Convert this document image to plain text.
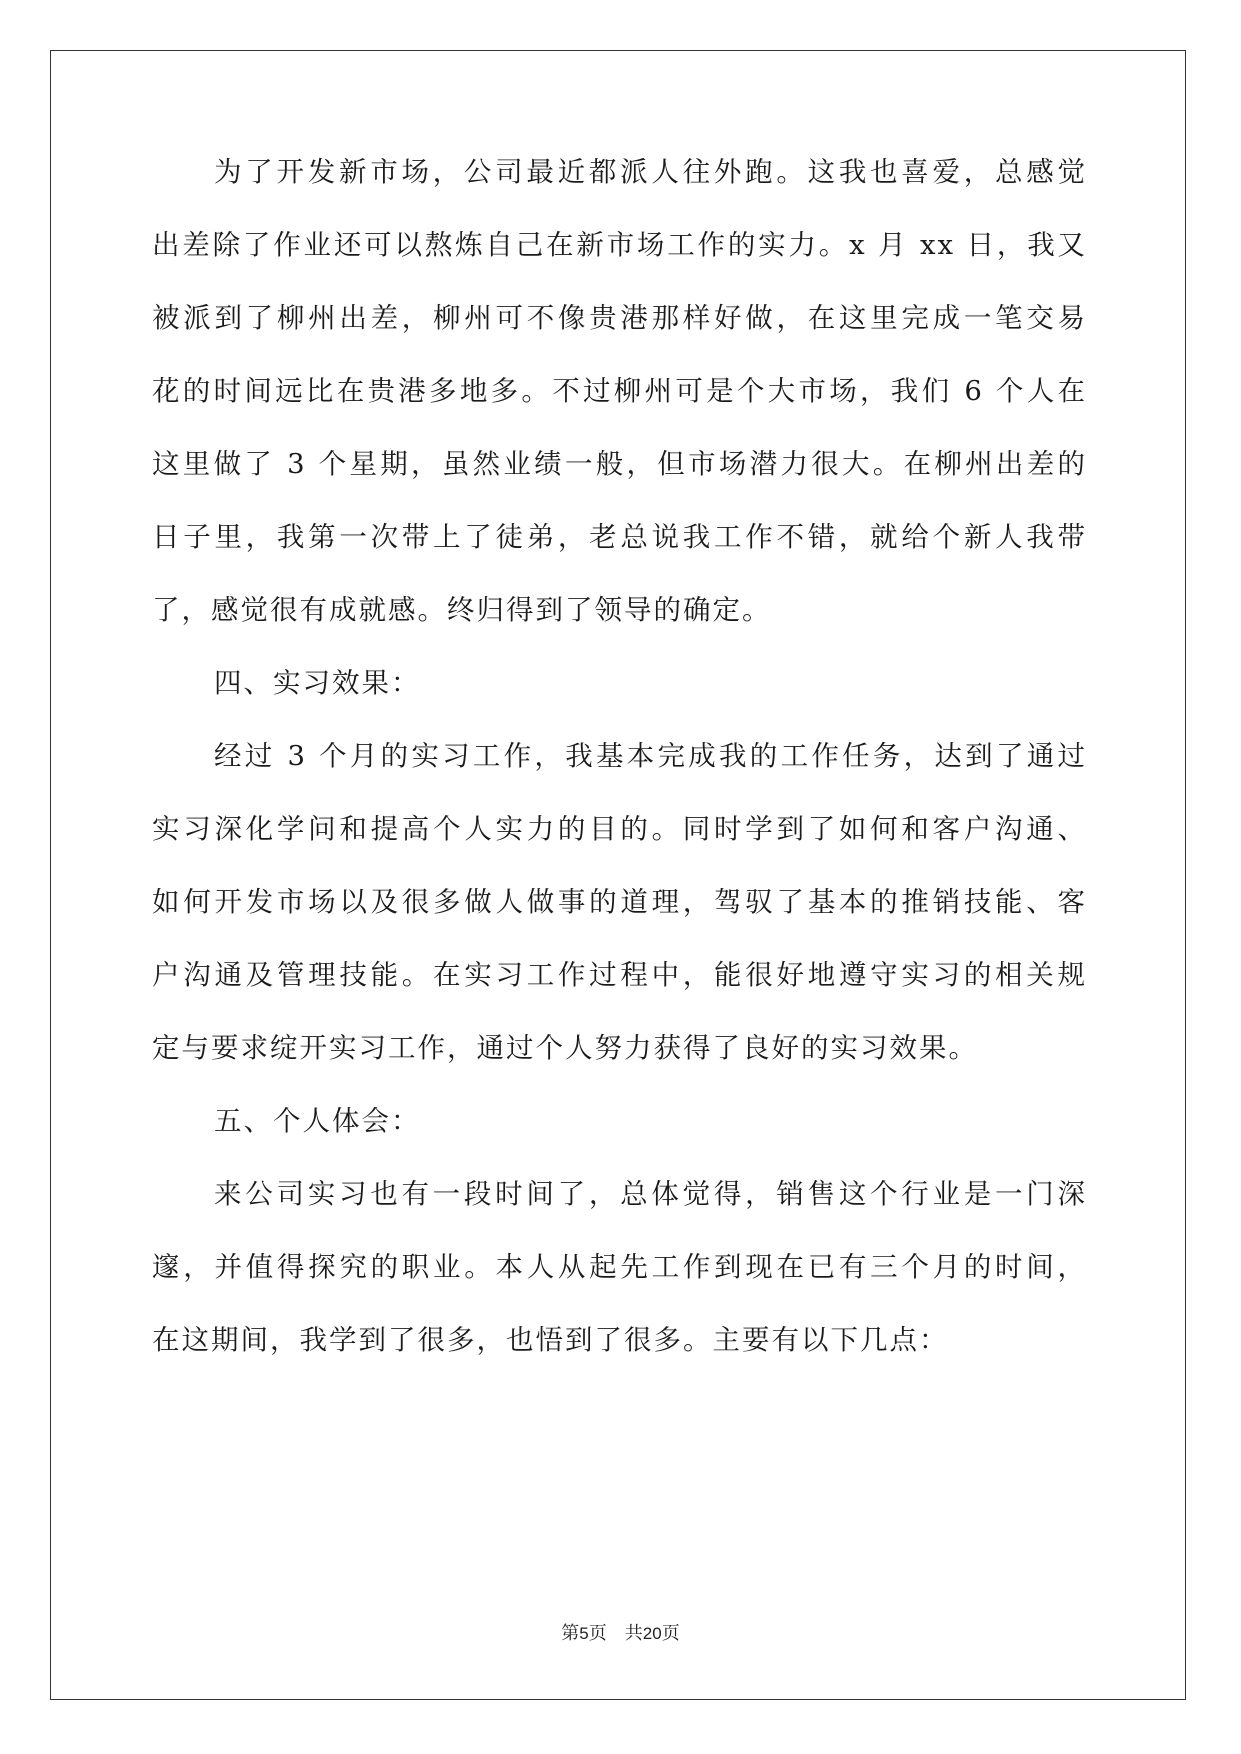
为了开发新市场，公司最近都派人往外跑。这我也喜爱，总感觉
出差除了作业还可以熬炼自己在新市场工作的实力。x 月 xx 日，我又
被派到了柳州出差，柳州可不像贵港那样好做，在这里完成一笔交易
花的时间远比在贵港多地多。不过柳州可是个大市场，我们 6 个人在
这里做了 3 个星期，虽然业绩一般，但市场潜力很大。在柳州出差的
日子里，我第一次带上了徒弟，老总说我工作不错，就给个新人我带
了，感觉很有成就感。终归得到了领导的确定。
四、实习效果：
经过 3 个月的实习工作，我基本完成我的工作任务，达到了通过
实习深化学问和提高个人实力的目的。同时学到了如何和客户沟通、
如何开发市场以及很多做人做事的道理，驾驭了基本的推销技能、客
户沟通及管理技能。在实习工作过程中，能很好地遵守实习的相关规
定与要求绽开实习工作，通过个人努力获得了良好的实习效果。
五、个人体会：
来公司实习也有一段时间了，总体觉得，销售这个行业是一门深
邃，并值得探究的职业。本人从起先工作到现在已有三个月的时间，
在这期间，我学到了很多，也悟到了很多。主要有以下几点：
第5页 共20页
